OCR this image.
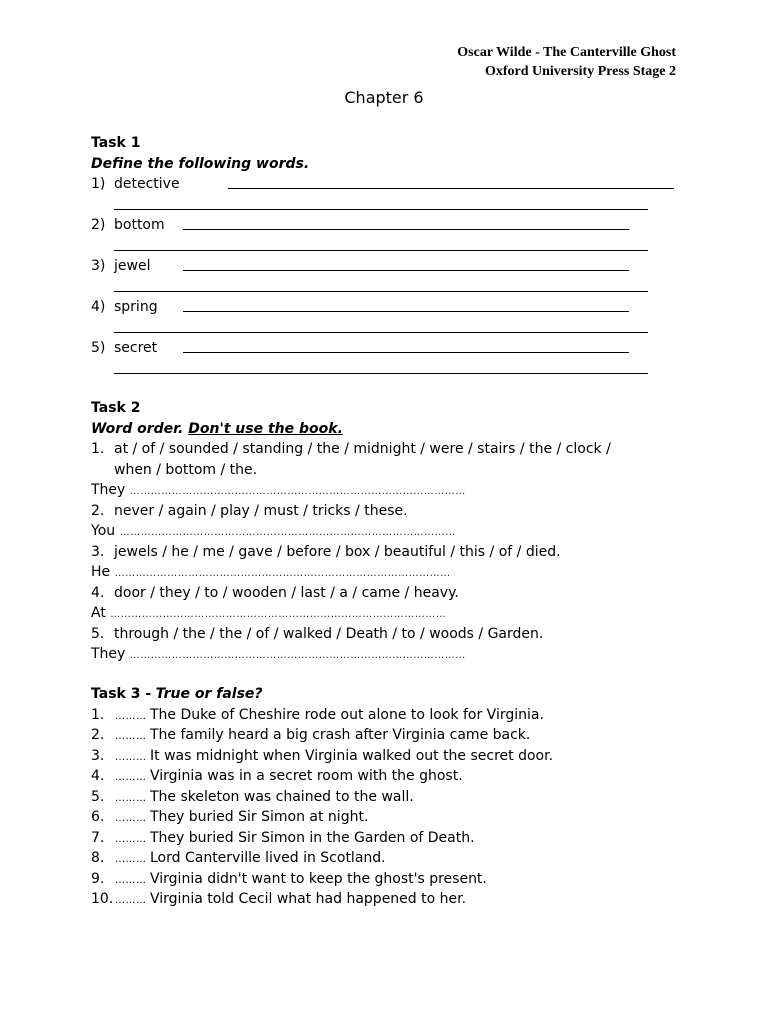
Oscar Wilde - The Canterville Ghost
Oxford University Press Stage 2
Chapter 6
Task 1
Define the following words.
1) detective
2) bottom
3) jewel
4) spring
5) secret
Task 2
Word order. Don't use the book.
1. at / of / sounded / standing / the / midnight / were / stairs / the / clock /
when / bottom / the.
They ……………………………………………………………………………………
2. never / again / play / must / tricks / these.
You ……………………………………………………………………………………
3. jewels / he / me / gave / before / box / beautiful / this / of / died.
He ……………………………………………………………………………………
4. door / they / to / wooden / last / a / came / heavy.
At ……………………………………………………………………………………
5. through / the / the / of / walked / Death / to / woods / Garden.
They ……………………………………………………………………………………
Task 3 - True or false?
1. ……… The Duke of Cheshire rode out alone to look for Virginia.
2. ……… The family heard a big crash after Virginia came back.
3. ……… It was midnight when Virginia walked out the secret door.
4. ……… Virginia was in a secret room with the ghost.
5. ……… The skeleton was chained to the wall.
6. ……… They buried Sir Simon at night.
7. ……… They buried Sir Simon in the Garden of Death.
8. ……… Lord Canterville lived in Scotland.
9. ……… Virginia didn't want to keep the ghost's present.
10. ……… Virginia told Cecil what had happened to her.
